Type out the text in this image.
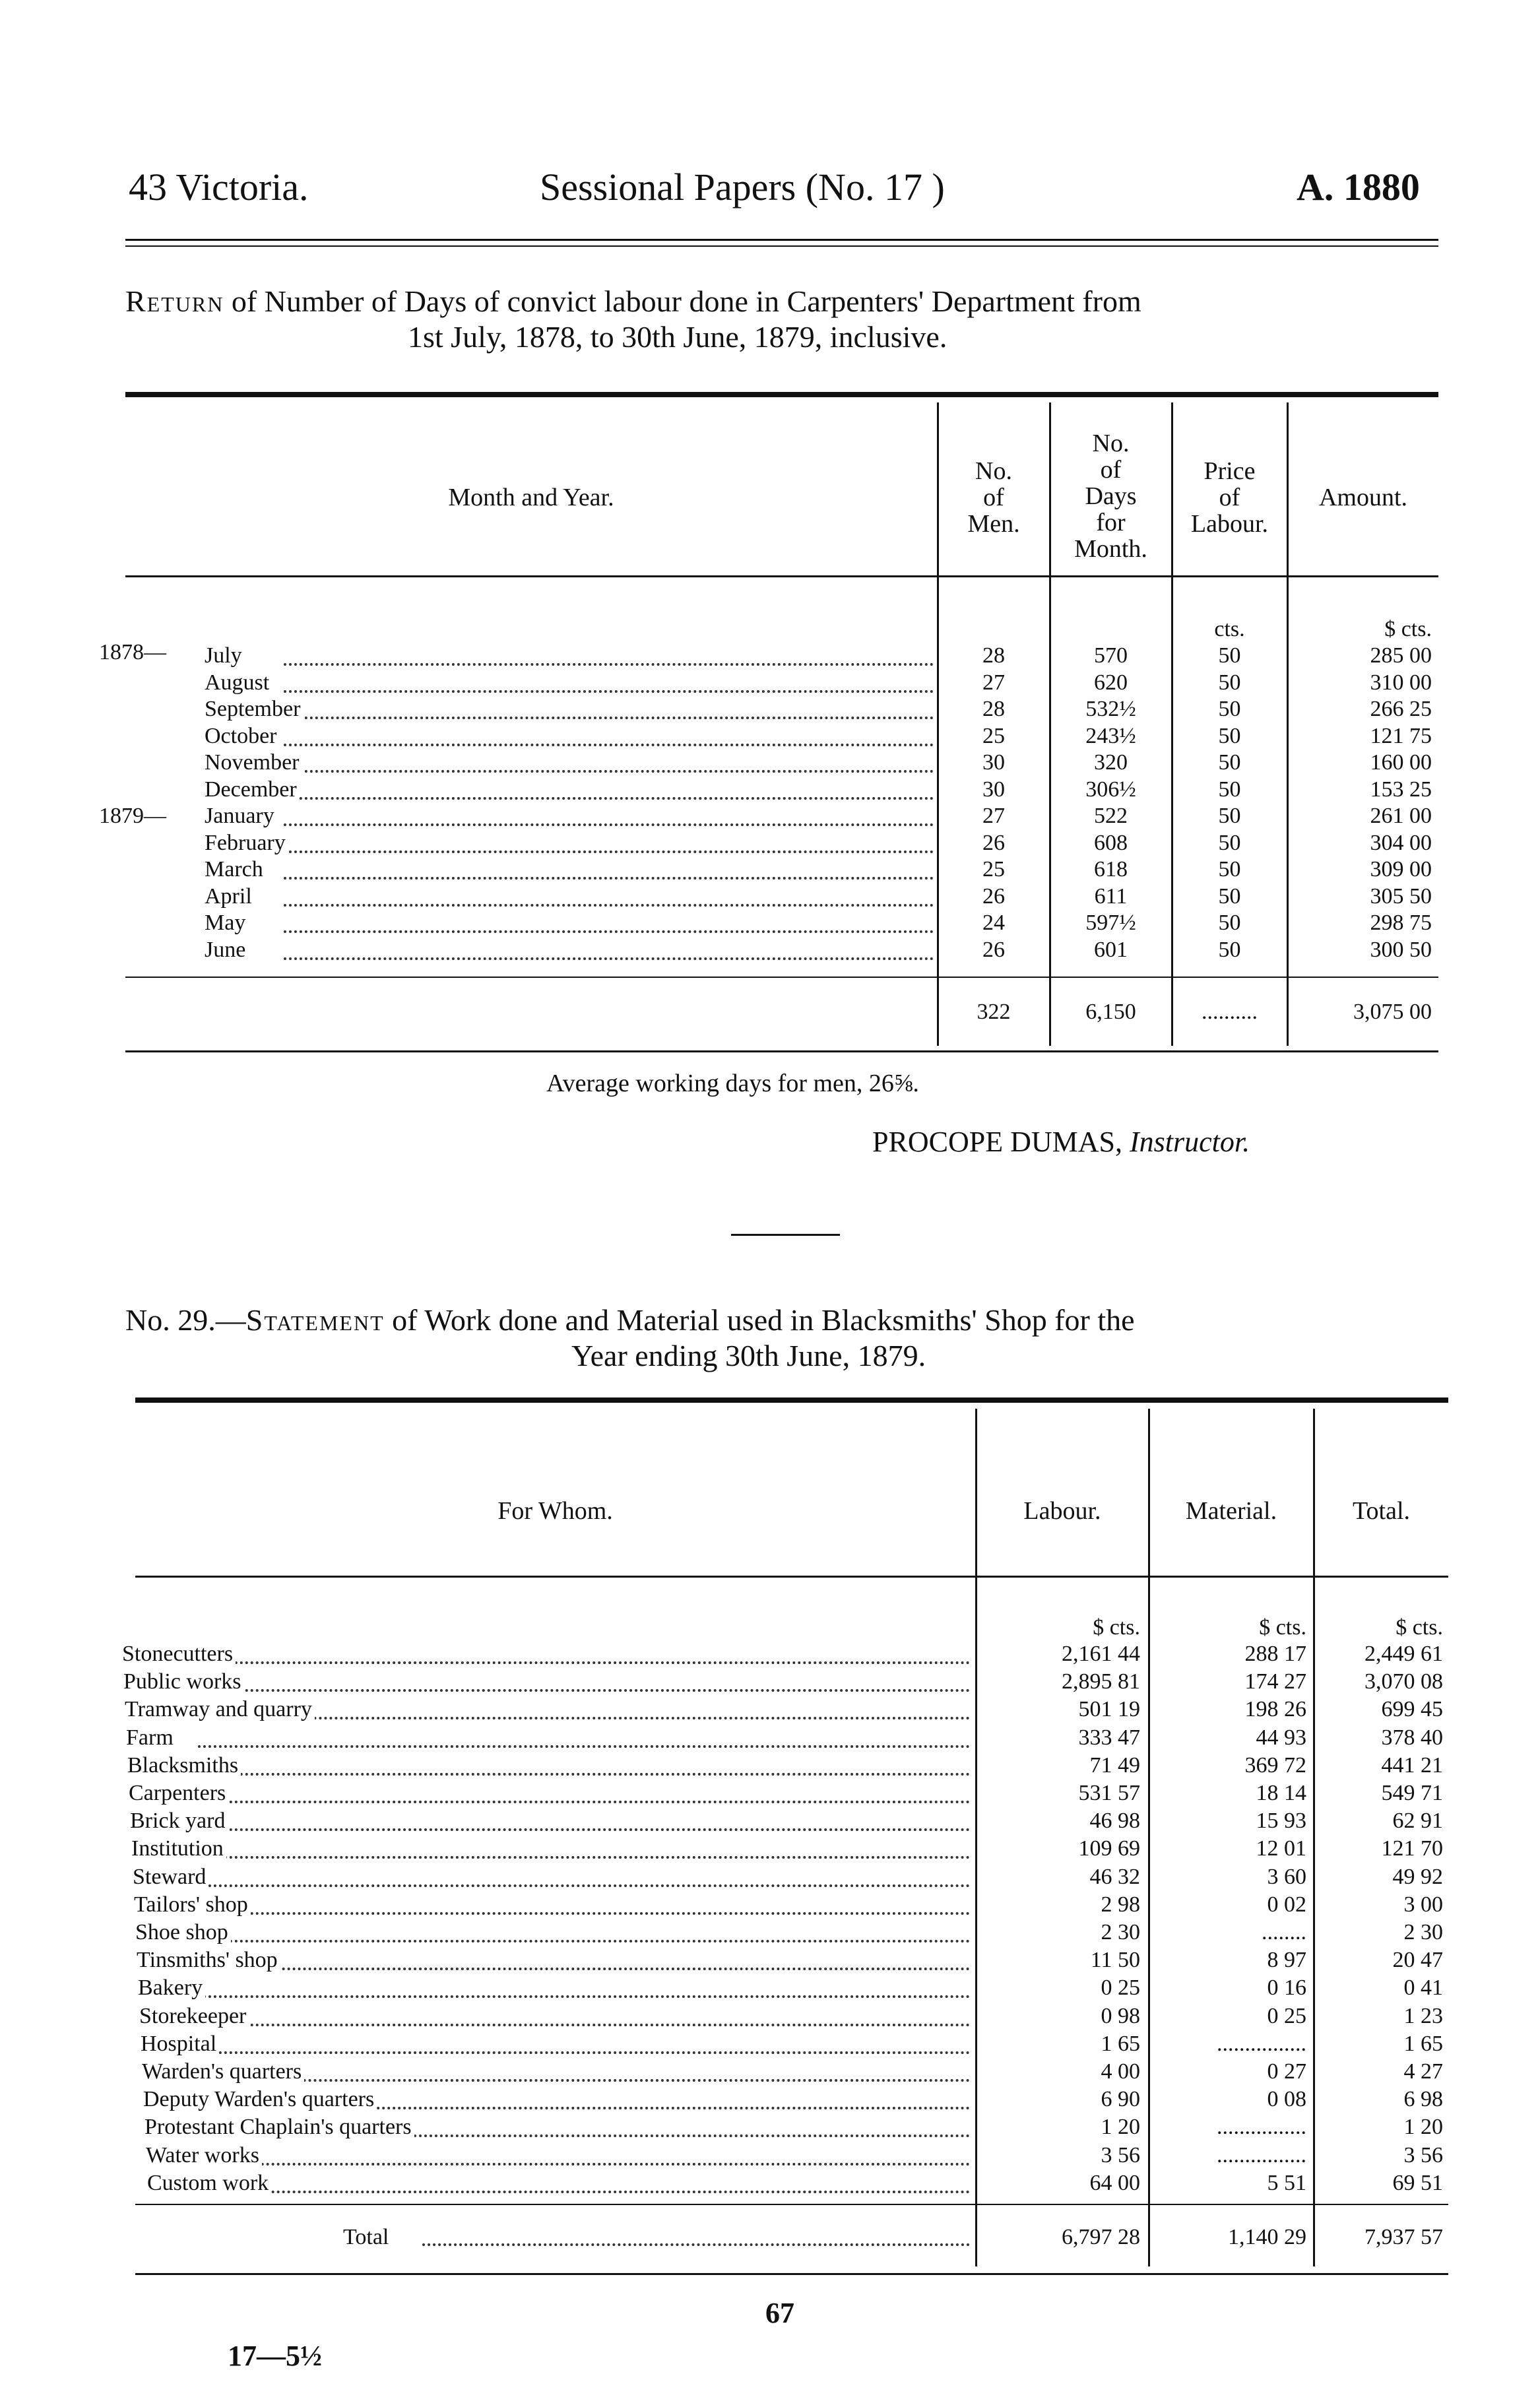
43 Victoria.	Sessional Papers (No. 17 )	A. 1880
Return of Number of Days of convict labour done in Carpenters' Department from
1st July, 1878, to 30th June, 1879, inclusive.
Month and Year.
No.
of
Men.
No.
of
Days
for
Month.
Price
of
Labour.
Amount.
cts.	$ cts.
1878—
1879—
July	28	570	50	285 00
August	27	620	50	310 00
September	28	532½	50	266 25
October	25	243½	50	121 75
November	30	320	50	160 00
December	30	306½	50	153 25
January	27	522	50	261 00
February	26	608	50	304 00
March	25	618	50	309 00
April	26	611	50	305 50
May	24	597½	50	298 75
June	26	601	50	300 50
322	6,150	..........	3,075 00
Average working days for men, 26⅝.
PROCOPE DUMAS, Instructor.
No. 29.—Statement of Work done and Material used in Blacksmiths' Shop for the
Year ending 30th June, 1879.
For Whom.	Labour.	Material.	Total.
$ cts.	$ cts.	$ cts.
Stonecutters	2,161 44	288 17	2,449 61
Public works	2,895 81	174 27	3,070 08
Tramway and quarry	501 19	198 26	699 45
Farm	333 47	44 93	378 40
Blacksmiths	71 49	369 72	441 21
Carpenters	531 57	18 14	549 71
Brick yard	46 98	15 93	62 91
Institution	109 69	12 01	121 70
Steward	46 32	3 60	49 92
Tailors' shop	2 98	0 02	3 00
Shoe shop	2 30	........	2 30
Tinsmiths' shop	11 50	8 97	20 47
Bakery	0 25	0 16	0 41
Storekeeper	0 98	0 25	1 23
Hospital	1 65	................	1 65
Warden's quarters	4 00	0 27	4 27
Deputy Warden's quarters	6 90	0 08	6 98
Protestant Chaplain's quarters	1 20	................	1 20
Water works	3 56	................	3 56
Custom work	64 00	5 51	69 51
Total	6,797 28	1,140 29	7,937 57
67
17—5½
